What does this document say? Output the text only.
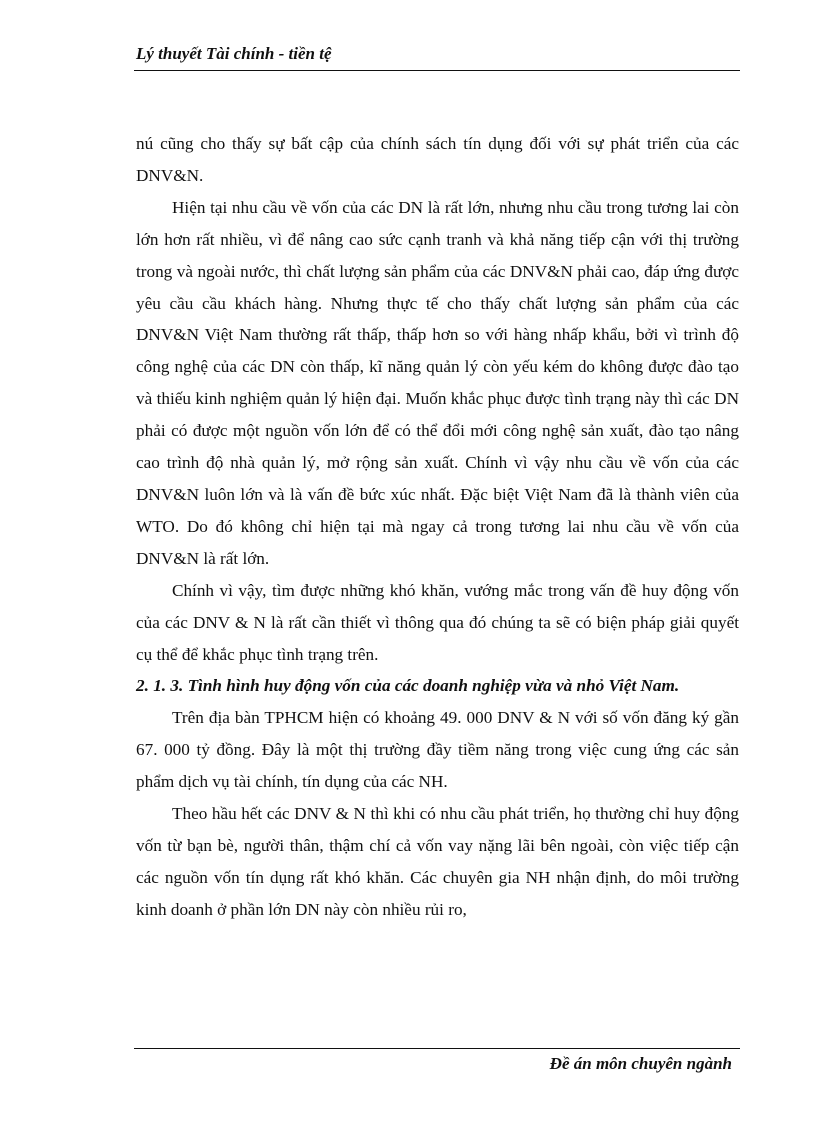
Lý thuyết Tài chính - tiền tệ

nú cũng cho thấy sự bất cập của chính sách tín dụng đối với sự phát triển của các DNV&N.

Hiện tại nhu cầu về vốn của các DN là rất lớn, nhưng nhu cầu trong tương lai còn lớn hơn rất nhiều, vì để nâng cao sức cạnh tranh và khả năng tiếp cận với thị trường trong và ngoài nước, thì chất lượng sản phẩm của các DNV&N phải cao, đáp ứng được yêu cầu cầu khách hàng. Nhưng thực tế cho thấy chất lượng sản phẩm của các DNV&N Việt Nam thường rất thấp, thấp hơn so với hàng nhấp khẩu, bởi vì trình độ công nghệ của các DN còn thấp, kĩ năng quản lý còn yếu kém do không được đào tạo và thiếu kinh nghiệm quản lý hiện đại. Muốn khắc phục được tình trạng này thì các DN phải có được một nguồn vốn lớn để có thể đổi mới công nghệ sản xuất, đào tạo nâng cao trình độ nhà quản lý, mở rộng sản xuất. Chính vì vậy nhu cầu về vốn của các DNV&N luôn lớn và là vấn đề bức xúc nhất. Đặc biệt Việt Nam đã là thành viên của WTO. Do đó không chỉ hiện tại mà ngay cả trong tương lai nhu cầu về vốn của DNV&N là rất lớn.

Chính vì vậy, tìm được những khó khăn, vướng mắc trong vấn đề huy động vốn của các DNV & N là rất cần thiết vì thông qua đó chúng ta sẽ có biện pháp giải quyết cụ thể để khắc phục tình trạng trên.

2. 1. 3. Tình hình huy động vốn của các doanh nghiệp vừa và nhỏ Việt Nam.

Trên địa bàn TPHCM hiện có khoảng 49. 000 DNV & N với số vốn đăng ký gần 67. 000 tỷ đồng. Đây là một thị trường đầy tiềm năng trong việc cung ứng các sản phẩm dịch vụ tài chính, tín dụng của các NH.

Theo hầu hết các DNV & N thì khi có nhu cầu phát triển, họ thường chỉ huy động vốn từ bạn bè, người thân, thậm chí cả vốn vay nặng lãi bên ngoài, còn việc tiếp cận các nguồn vốn tín dụng rất khó khăn. Các chuyên gia NH nhận định, do môi trường kinh doanh ở phần lớn DN này còn nhiều rủi ro,

Đề án môn chuyên ngành
